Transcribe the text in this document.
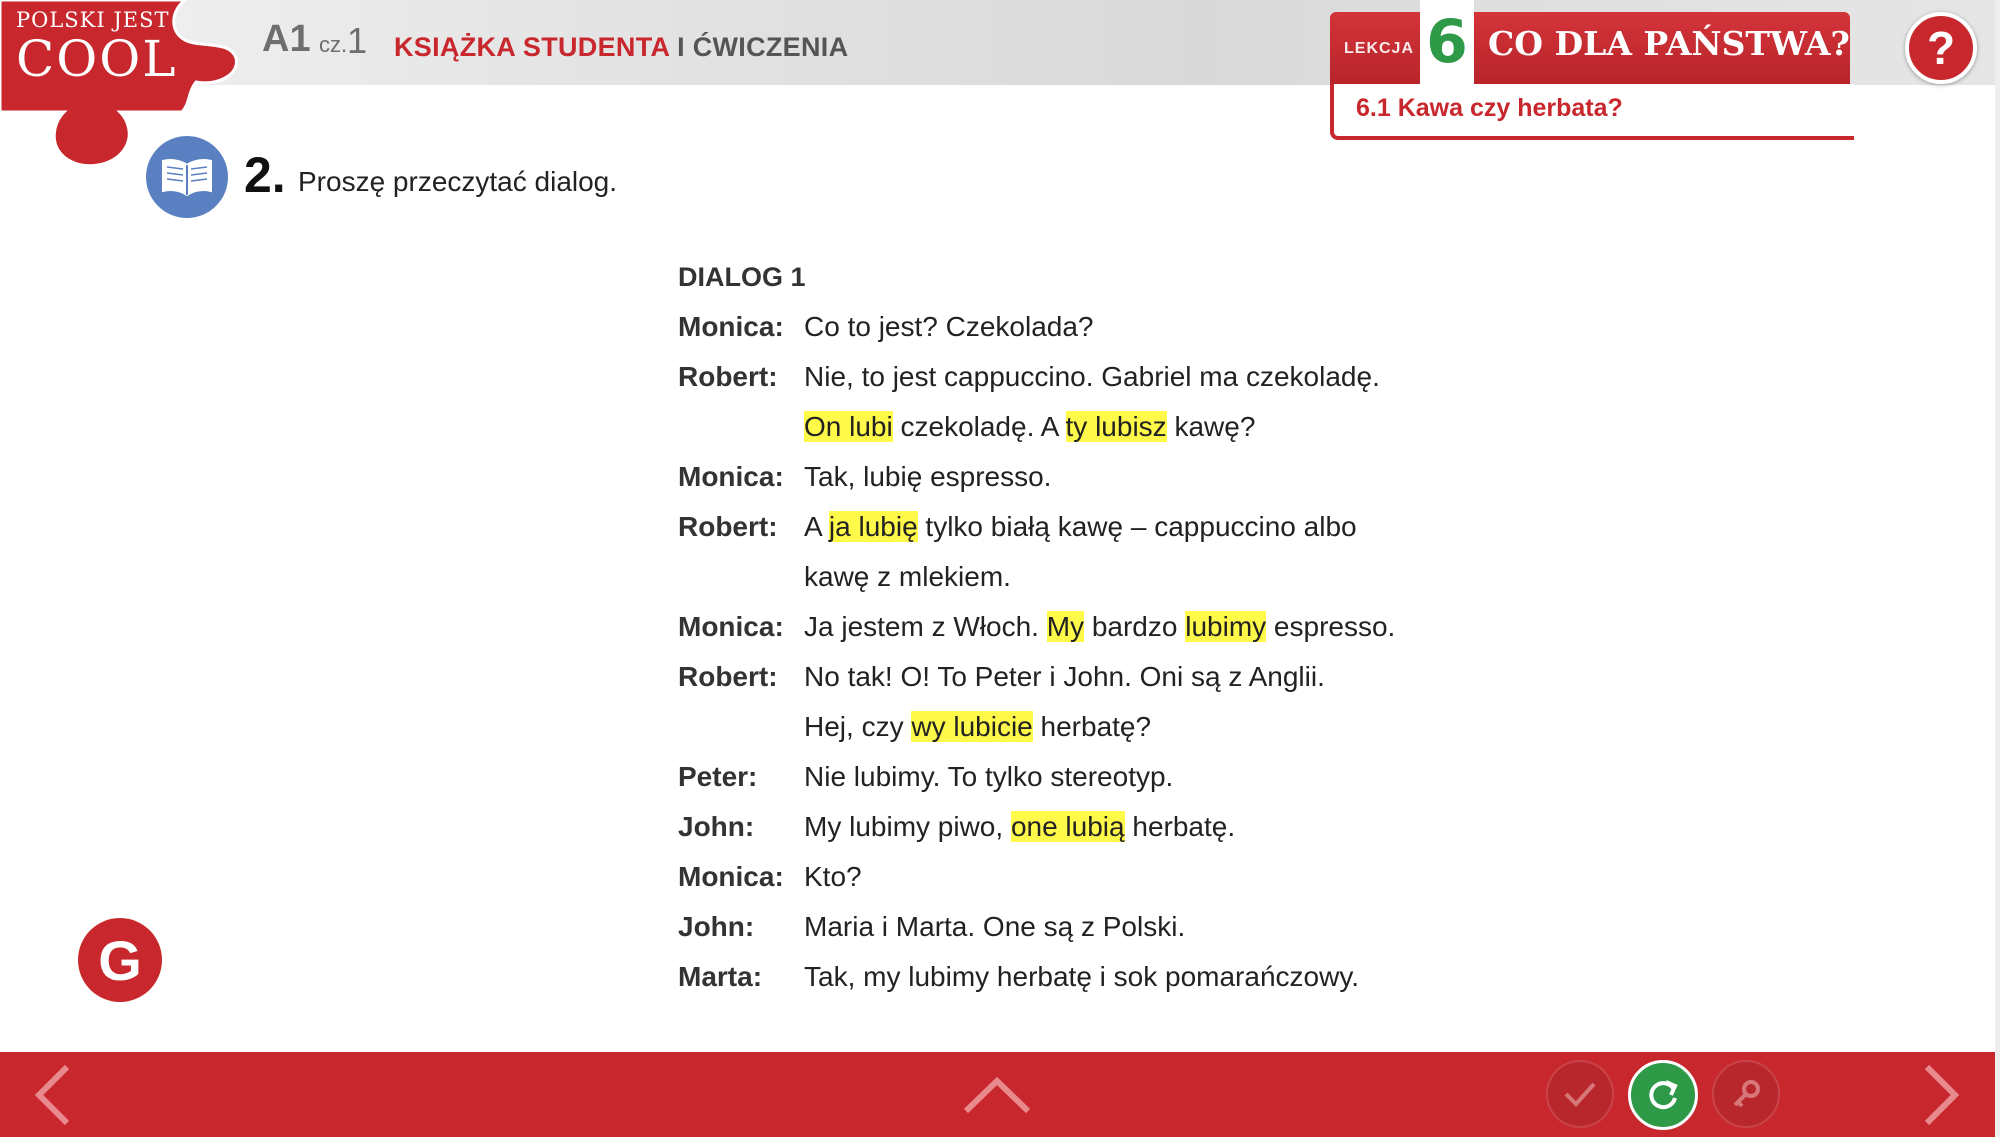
POLSKI JEST
COOL A1 cz. 1 KSIĄŻKA STUDENTA I ĆWICZENIA	LEKCJA 6 CO DLA PAŃSTWA?
6.1 Kawa czy herbata?
?
2. Proszę przeczytać dialog.
DIALOG 1
Monica: Co to jest? Czekolada?
Robert: Nie, to jest cappuccino. Gabriel ma czekoladę.
On lubi czekoladę. A ty lubisz kawę?
Monica: Tak, lubię espresso.
Robert: A ja lubię tylko białą kawę – cappuccino albo
kawę z mlekiem.
Monica: Ja jestem z Włoch. My bardzo lubimy espresso.
Robert: No tak! O! To Peter i John. Oni są z Anglii.
Hej, czy wy lubicie herbatę?
Peter:	Nie lubimy. To tylko stereotyp.
John:	My lubimy piwo, one lubią herbatę.
Monica: Kto?
John:	Maria i Marta. One są z Polski.
Marta:	Tak, my lubimy herbatę i sok pomarańczowy.
G
